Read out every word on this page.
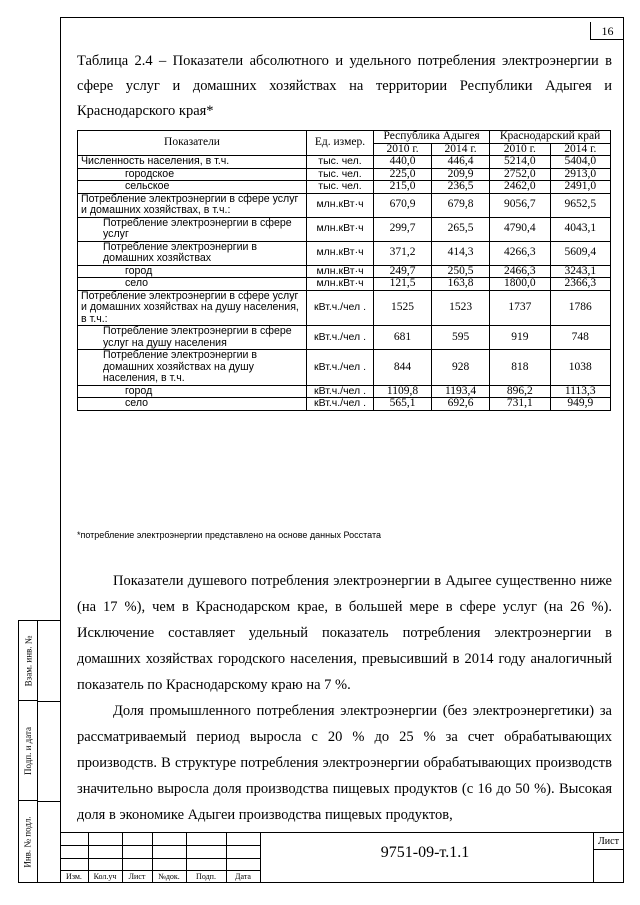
16
Таблица 2.4 – Показатели абсолютного и удельного потребления электроэнергии в сфере услуг и домашних хозяйствах на территории Республики Адыгея и Краснодарского края*
Показатели	Ед. измер.	Республика Адыгея		Краснодарский край	
		2010 г.	2014 г.	2010 г.	2014 г.
Численность населения, в т.ч.	тыс. чел.	440,0	446,4	5214,0	5404,0
городское	тыс. чел.	225,0	209,9	2752,0	2913,0
сельское	тыс. чел.	215,0	236,5	2462,0	2491,0
Потребление электроэнергии в сфере услуг и домашних хозяйствах, в т.ч.:	млн.кВт·ч	670,9	679,8	9056,7	9652,5
Потребление электроэнергии в сфере услуг	млн.кВт·ч	299,7	265,5	4790,4	4043,1
Потребление электроэнергии в домашних хозяйствах	млн.кВт·ч	371,2	414,3	4266,3	5609,4
город	млн.кВт·ч	249,7	250,5	2466,3	3243,1
село	млн.кВт·ч	121,5	163,8	1800,0	2366,3
Потребление электроэнергии в сфере услуг и домашних хозяйствах на душу населения, в т.ч.:	кВт.ч./чел .	1525	1523	1737	1786
Потребление электроэнергии в сфере услуг на душу населения	кВт.ч./чел .	681	595	919	748
Потребление электроэнергии в домашних хозяйствах на душу населения, в т.ч.	кВт.ч./чел .	844	928	818	1038
город	кВт.ч./чел .	1109,8	1193,4	896,2	1113,3
село	кВт.ч./чел .	565,1	692,6	731,1	949,9
*потребление электроэнергии представлено на основе данных Росстата

Показатели душевого потребления электроэнергии в Адыгее существенно ниже (на 17 %), чем в Краснодарском крае, в большей мере в сфере услуг (на 26 %). Исключение составляет удельный показатель потребления электроэнергии в домашних хозяйствах городского населения, превысивший в 2014 году аналогичный показатель по Краснодарскому краю на 7 %.

Доля промышленного потребления электроэнергии (без электроэнергетики) за рассматриваемый период выросла с 20 % до 25 % за счет обрабатывающих производств. В структуре потребления электроэнергии обрабатывающих производств значительно выросла доля производства пищевых продуктов (с 16 до 50 %). Высокая доля в экономике Адыгеи производства пищевых продуктов,

Взам. инв. №
Подп. и дата
Инв. № подл.
Изм.	Кол.уч	Лист	№док.	Подп.	Дата
9751-09-т.1.1
Лист
